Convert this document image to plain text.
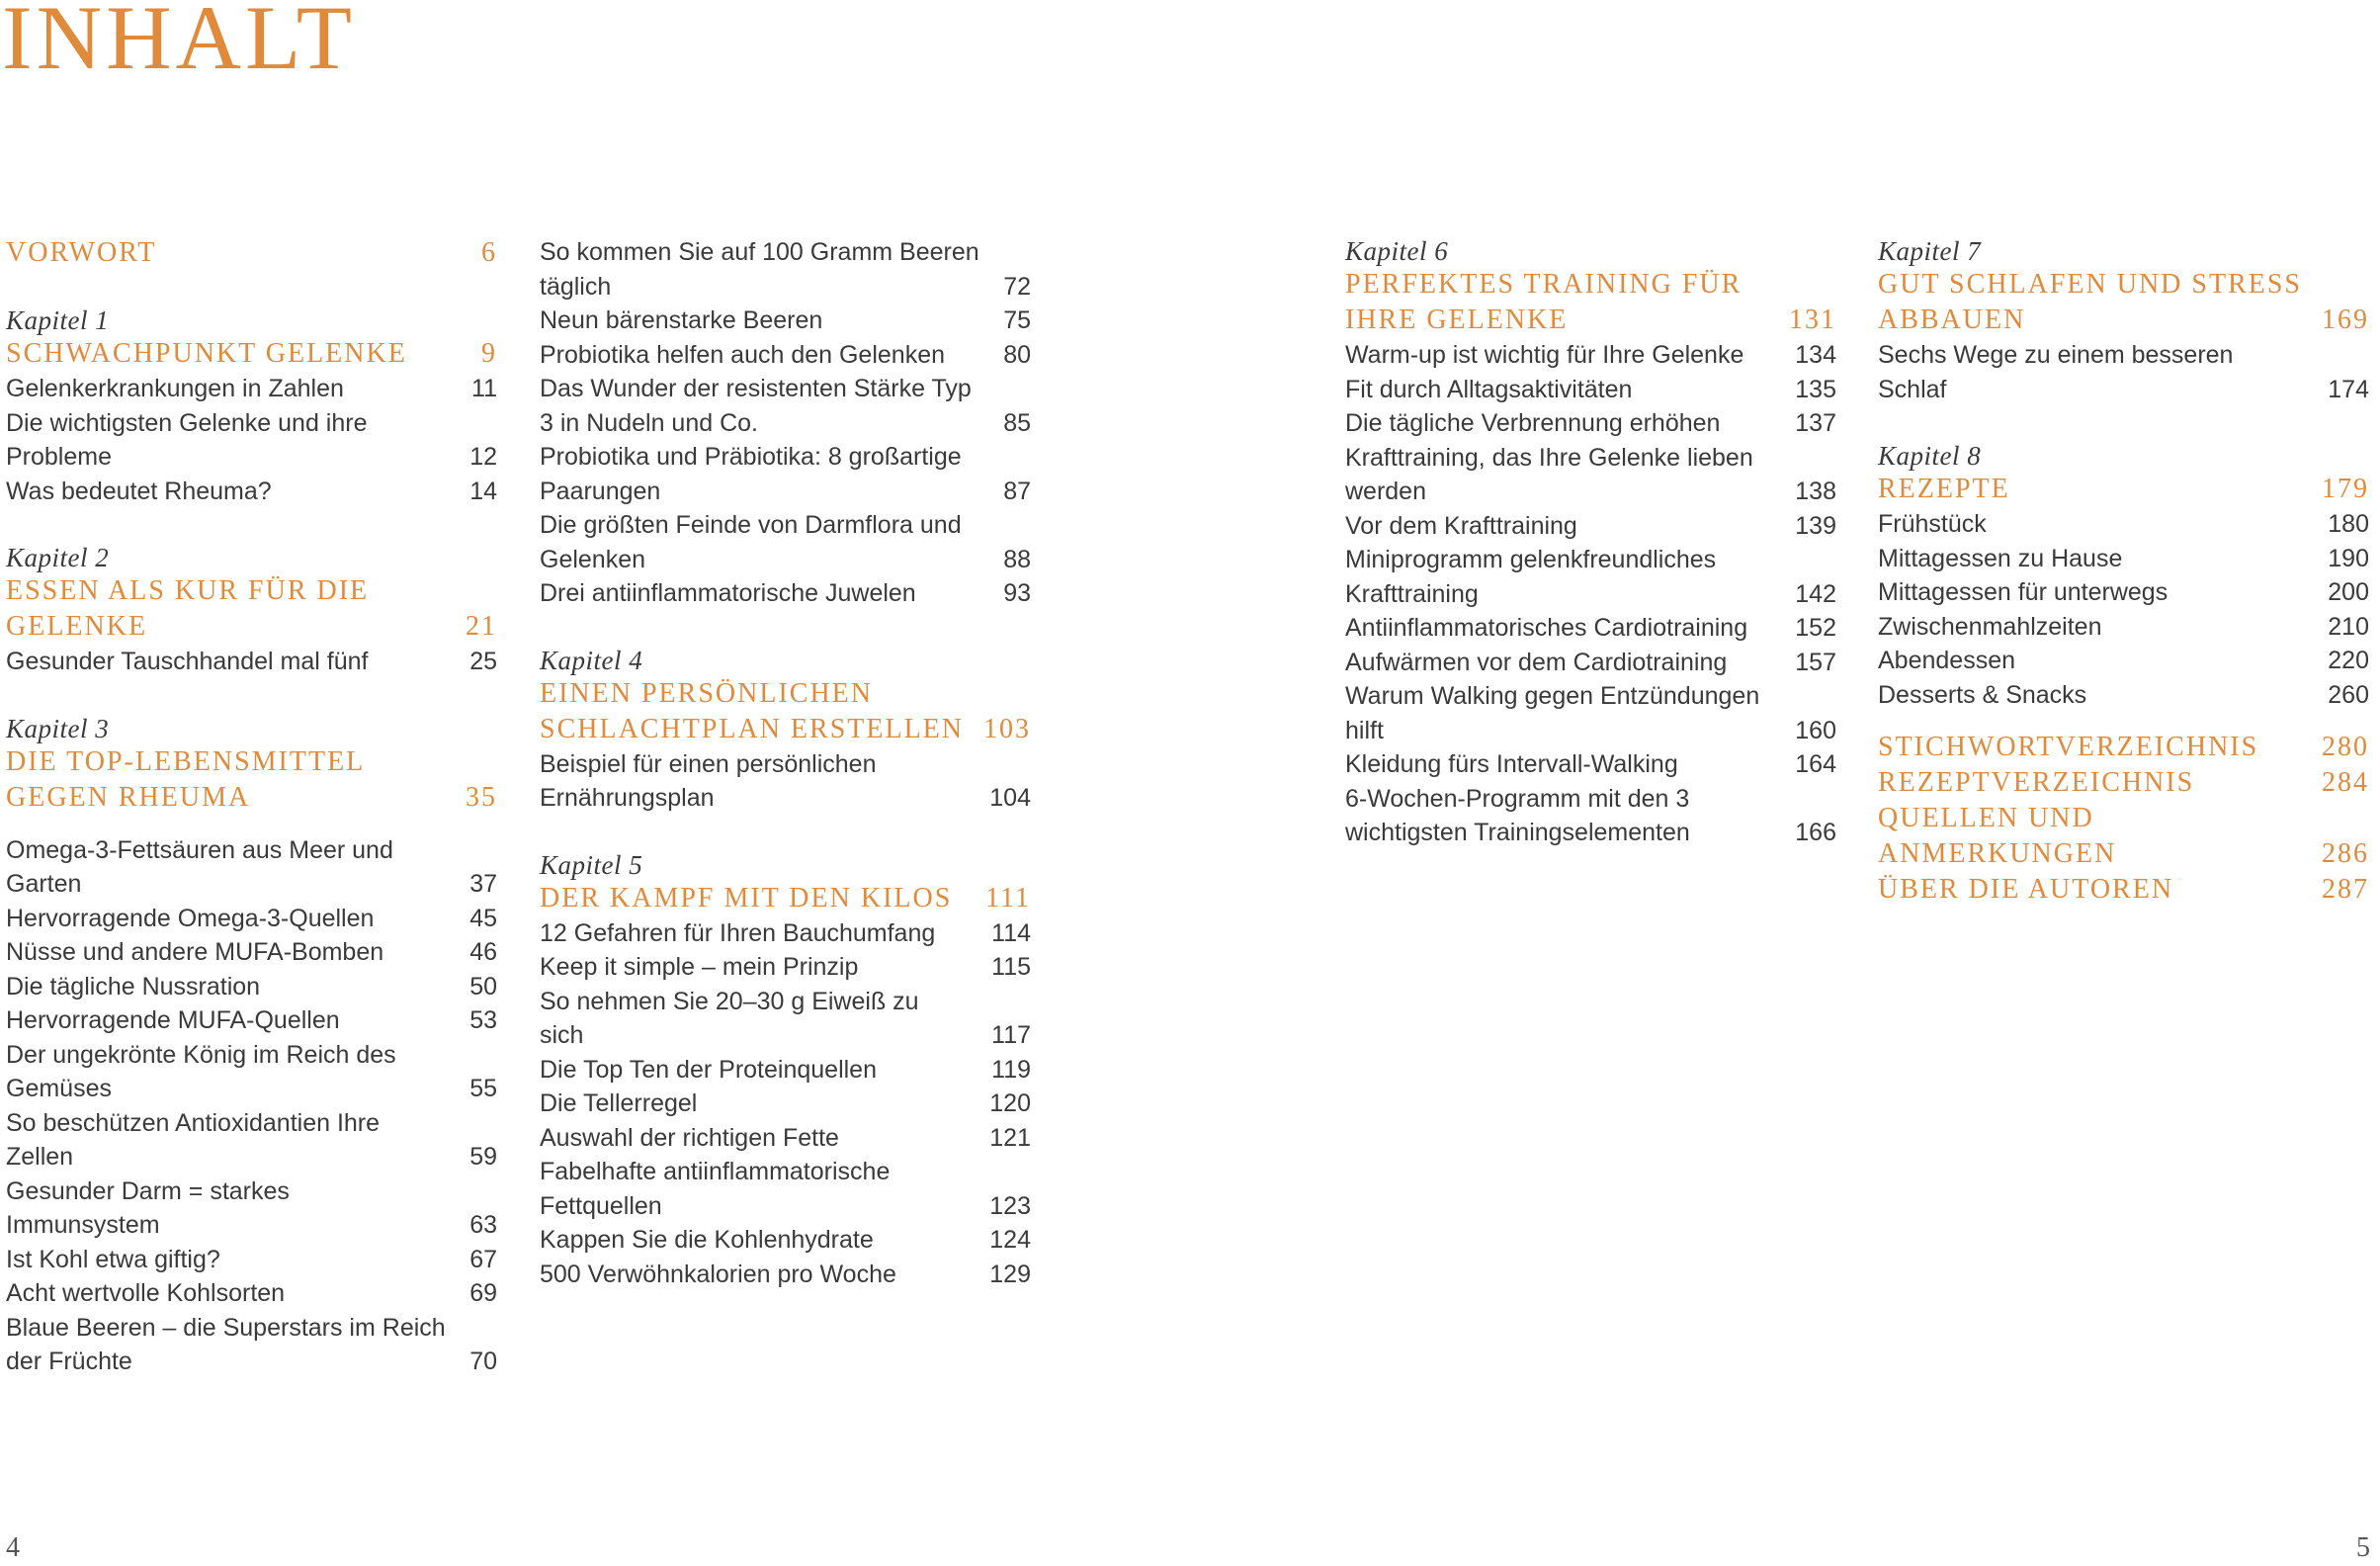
INHALT
VORWORT	6
Kapitel 1
SCHWACHPUNKT GELENKE	9
Gelenkerkrankungen in Zahlen	11
Die wichtigsten Gelenke und ihre Probleme	12
Was bedeutet Rheuma?	14
Kapitel 2
ESSEN ALS KUR FÜR DIE GELENKE	21
Gesunder Tauschhandel mal fünf	25
Kapitel 3
DIE TOP-LEBENSMITTEL GEGEN RHEUMA	35
Omega-3-Fettsäuren aus Meer und Garten	37
Hervorragende Omega-3-Quellen	45
Nüsse und andere MUFA-Bomben	46
Die tägliche Nussration	50
Hervorragende MUFA-Quellen	53
Der ungekrönte König im Reich des Gemüses	55
So beschützen Antioxidantien Ihre Zellen	59
Gesunder Darm = starkes Immunsystem	63
Ist Kohl etwa giftig?	67
Acht wertvolle Kohlsorten	69
Blaue Beeren – die Superstars im Reich der Früchte	70
So kommen Sie auf 100 Gramm Beeren täglich	72
Neun bärenstarke Beeren	75
Probiotika helfen auch den Gelenken	80
Das Wunder der resistenten Stärke Typ 3 in Nudeln und Co.	85
Probiotika und Präbiotika: 8 großartige Paarungen	87
Die größten Feinde von Darmflora und Gelenken	88
Drei antiinflammatorische Juwelen	93
Kapitel 4
EINEN PERSÖNLICHEN SCHLACHTPLAN ERSTELLEN 103
Beispiel für einen persönlichen Ernährungsplan	104
Kapitel 5
DER KAMPF MIT DEN KILOS	111
12 Gefahren für Ihren Bauchumfang	114
Keep it simple – mein Prinzip	115
So nehmen Sie 20–30 g Eiweiß zu sich	117
Die Top Ten der Proteinquellen	119
Die Tellerregel	120
Auswahl der richtigen Fette	121
Fabelhafte antiinflammatorische Fettquellen	123
Kappen Sie die Kohlenhydrate	124
500 Verwöhnkalorien pro Woche	129
Kapitel 6
PERFEKTES TRAINING FÜR IHRE GELENKE	131
Warm-up ist wichtig für Ihre Gelenke	134
Fit durch Alltagsaktivitäten	135
Die tägliche Verbrennung erhöhen	137
Krafttraining, das Ihre Gelenke lieben werden	138
Vor dem Krafttraining	139
Miniprogramm gelenkfreundliches Krafttraining	142
Antiinflammatorisches Cardiotraining	152
Aufwärmen vor dem Cardiotraining	157
Warum Walking gegen Entzündungen hilft	160
Kleidung fürs Intervall-Walking	164
6-Wochen-Programm mit den 3 wichtigsten Trainingselementen	166
Kapitel 7
GUT SCHLAFEN UND STRESS ABBAUEN	169
Sechs Wege zu einem besseren Schlaf	174
Kapitel 8
REZEPTE	179
Frühstück	180
Mittagessen zu Hause	190
Mittagessen für unterwegs	200
Zwischenmahlzeiten	210
Abendessen	220
Desserts & Snacks	260
STICHWORTVERZEICHNIS	280
REZEPTVERZEICHNIS	284
QUELLEN UND ANMERKUNGEN	286
ÜBER DIE AUTOREN	287
4	5
